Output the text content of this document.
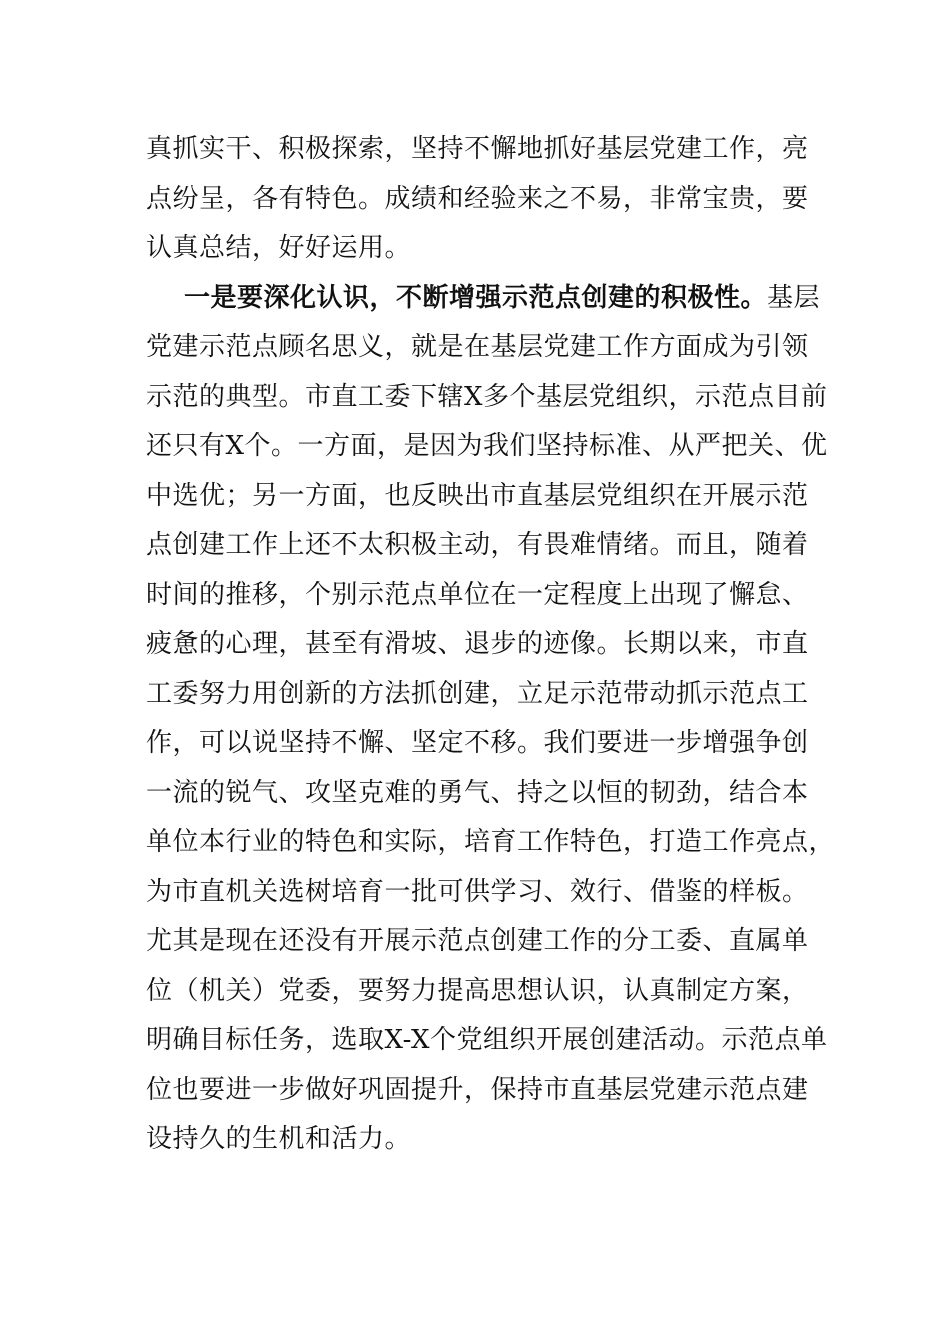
真抓实干、积极探索，坚持不懈地抓好基层党建工作，亮
点纷呈，各有特色。成绩和经验来之不易，非常宝贵，要
认真总结，好好运用。
一是要深化认识，不断增强示范点创建的积极性。基层
党建示范点顾名思义，就是在基层党建工作方面成为引领
示范的典型。市直工委下辖X多个基层党组织，示范点目前
还只有X个。一方面，是因为我们坚持标准、从严把关、优
中选优；另一方面，也反映出市直基层党组织在开展示范
点创建工作上还不太积极主动，有畏难情绪。而且，随着
时间的推移，个别示范点单位在一定程度上出现了懈怠、
疲惫的心理，甚至有滑坡、退步的迹像。长期以来，市直
工委努力用创新的方法抓创建，立足示范带动抓示范点工
作，可以说坚持不懈、坚定不移。我们要进一步增强争创
一流的锐气、攻坚克难的勇气、持之以恒的韧劲，结合本
单位本行业的特色和实际，培育工作特色，打造工作亮点，
为市直机关选树培育一批可供学习、效行、借鉴的样板。
尤其是现在还没有开展示范点创建工作的分工委、直属单
位（机关）党委，要努力提高思想认识，认真制定方案，
明确目标任务，选取X-X个党组织开展创建活动。示范点单
位也要进一步做好巩固提升，保持市直基层党建示范点建
设持久的生机和活力。
